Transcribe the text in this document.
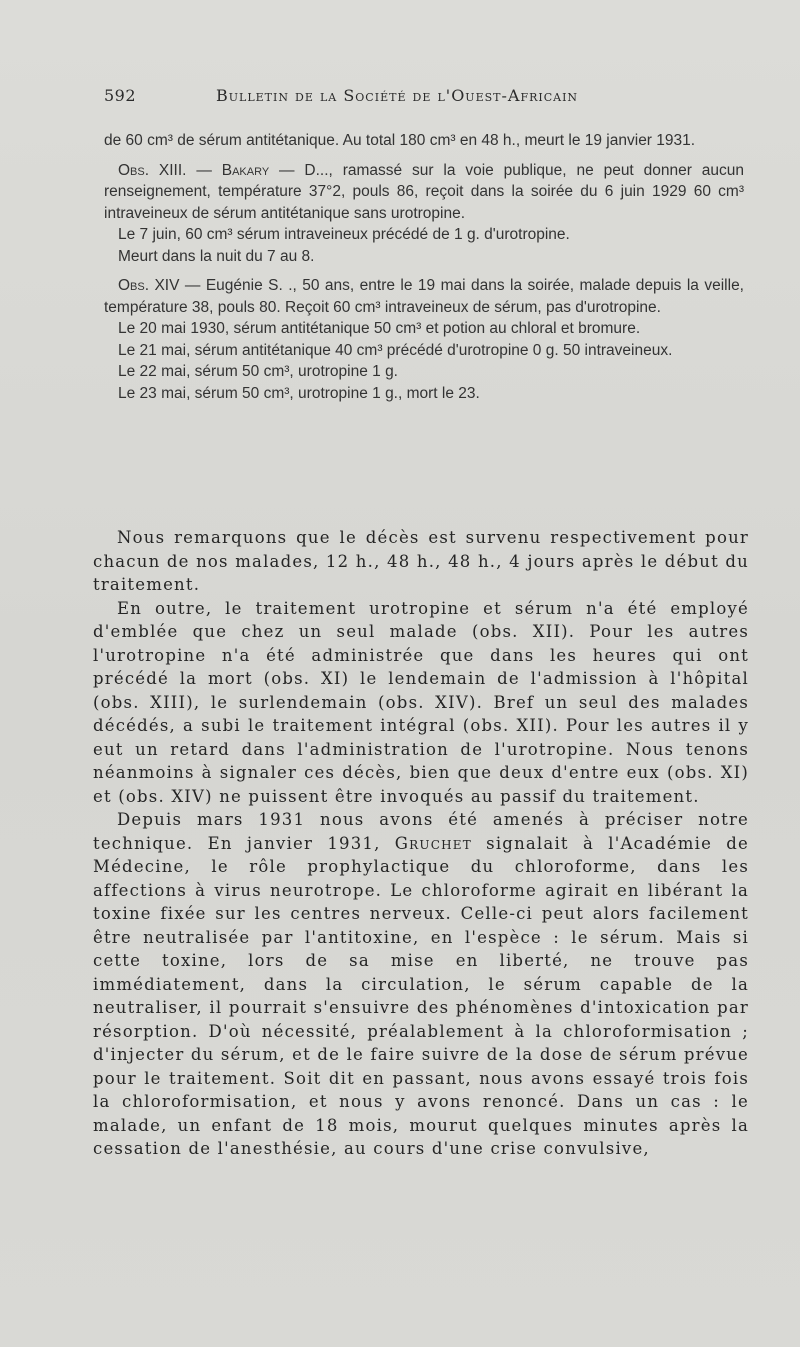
592	Bulletin de la Société de l'Ouest-Africain

de 60 cm³ de sérum antitétanique. Au total 180 cm³ en 48 h., meurt le 19 janvier 1931.

Obs. XIII. — Bakary — D..., ramassé sur la voie publique, ne peut donner aucun renseignement, température 37°2, pouls 86, reçoit dans la soirée du 6 juin 1929 60 cm³ intraveineux de sérum antitétanique sans urotropine.

Le 7 juin, 60 cm³ sérum intraveineux précédé de 1 g. d'urotropine.

Meurt dans la nuit du 7 au 8.

Obs. XIV — Eugénie S. ., 50 ans, entre le 19 mai dans la soirée, malade depuis la veille, température 38, pouls 80. Reçoit 60 cm³ intraveineux de sérum, pas d'urotropine.

Le 20 mai 1930, sérum antitétanique 50 cm³ et potion au chloral et bromure.

Le 21 mai, sérum antitétanique 40 cm³ précédé d'urotropine 0 g. 50 intraveineux.

Le 22 mai, sérum 50 cm³, urotropine 1 g.

Le 23 mai, sérum 50 cm³, urotropine 1 g., mort le 23.

Nous remarquons que le décès est survenu respectivement pour chacun de nos malades, 12 h., 48 h., 48 h., 4 jours après le début du traitement.

En outre, le traitement urotropine et sérum n'a été employé d'emblée que chez un seul malade (obs. XII). Pour les autres l'urotropine n'a été administrée que dans les heures qui ont précédé la mort (obs. XI) le lendemain de l'admission à l'hôpital (obs. XIII), le surlendemain (obs. XIV). Bref un seul des malades décédés, a subi le traitement intégral (obs. XII). Pour les autres il y eut un retard dans l'administration de l'urotropine. Nous tenons néanmoins à signaler ces décès, bien que deux d'entre eux (obs. XI) et (obs. XIV) ne puissent être invoqués au passif du traitement.

Depuis mars 1931 nous avons été amenés à préciser notre technique. En janvier 1931, Gruchet signalait à l'Académie de Médecine, le rôle prophylactique du chloroforme, dans les affections à virus neurotrope. Le chloroforme agirait en libérant la toxine fixée sur les centres nerveux. Celle-ci peut alors facilement être neutralisée par l'antitoxine, en l'espèce : le sérum. Mais si cette toxine, lors de sa mise en liberté, ne trouve pas immédiatement, dans la circulation, le sérum capable de la neutraliser, il pourrait s'ensuivre des phénomènes d'intoxication par résorption. D'où nécessité, préalablement à la chloroformisation ; d'injecter du sérum, et de le faire suivre de la dose de sérum prévue pour le traitement. Soit dit en passant, nous avons essayé trois fois la chloroformisation, et nous y avons renoncé. Dans un cas : le malade, un enfant de 18 mois, mourut quelques minutes après la cessation de l'anesthésie, au cours d'une crise convulsive,
